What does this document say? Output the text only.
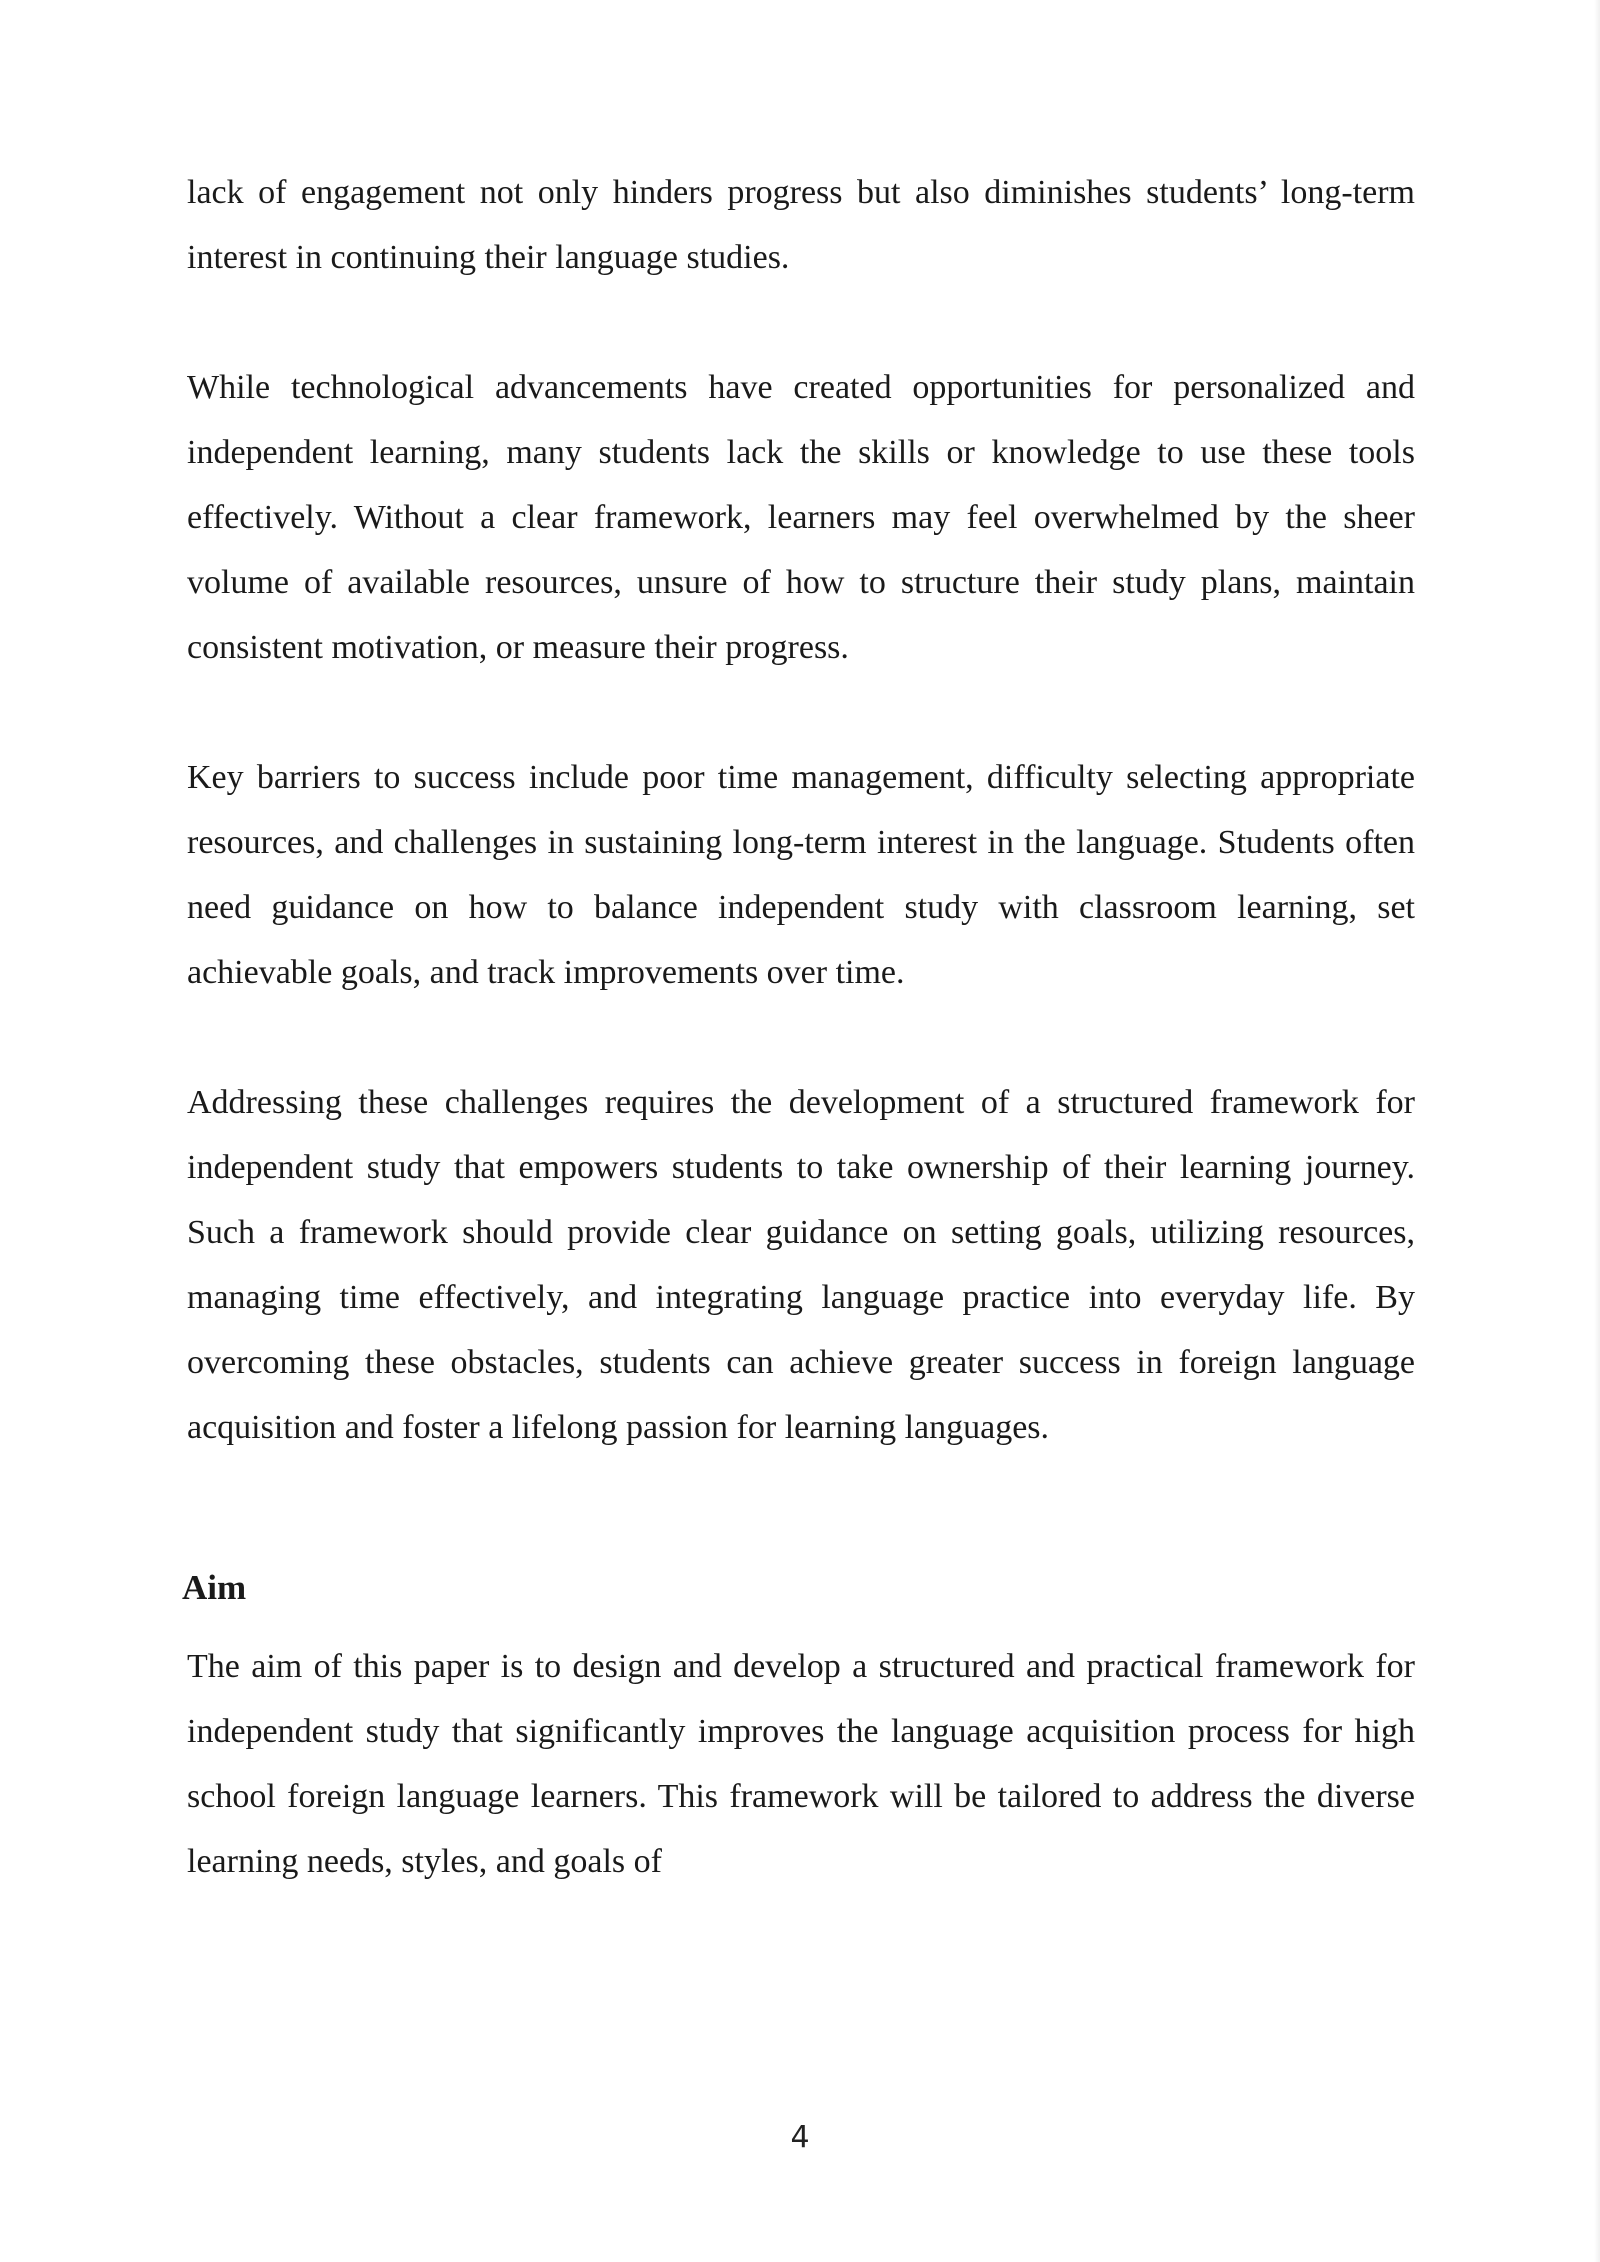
lack of engagement not only hinders progress but also diminishes students’ long-term interest in continuing their language studies.

While technological advancements have created opportunities for personalized and independent learning, many students lack the skills or knowledge to use these tools effectively. Without a clear framework, learners may feel overwhelmed by the sheer volume of available resources, unsure of how to structure their study plans, maintain consistent motivation, or measure their progress.

Key barriers to success include poor time management, difficulty selecting appropriate resources, and challenges in sustaining long-term interest in the language. Students often need guidance on how to balance independent study with classroom learning, set achievable goals, and track improvements over time.

Addressing these challenges requires the development of a structured framework for independent study that empowers students to take ownership of their learning journey. Such a framework should provide clear guidance on setting goals, utilizing resources, managing time effectively, and integrating language practice into everyday life. By overcoming these obstacles, students can achieve greater success in foreign language acquisition and foster a lifelong passion for learning languages.

Aim

The aim of this paper is to design and develop a structured and practical framework for independent study that significantly improves the language acquisition process for high school foreign language learners. This framework will be tailored to address the diverse learning needs, styles, and goals of

4
